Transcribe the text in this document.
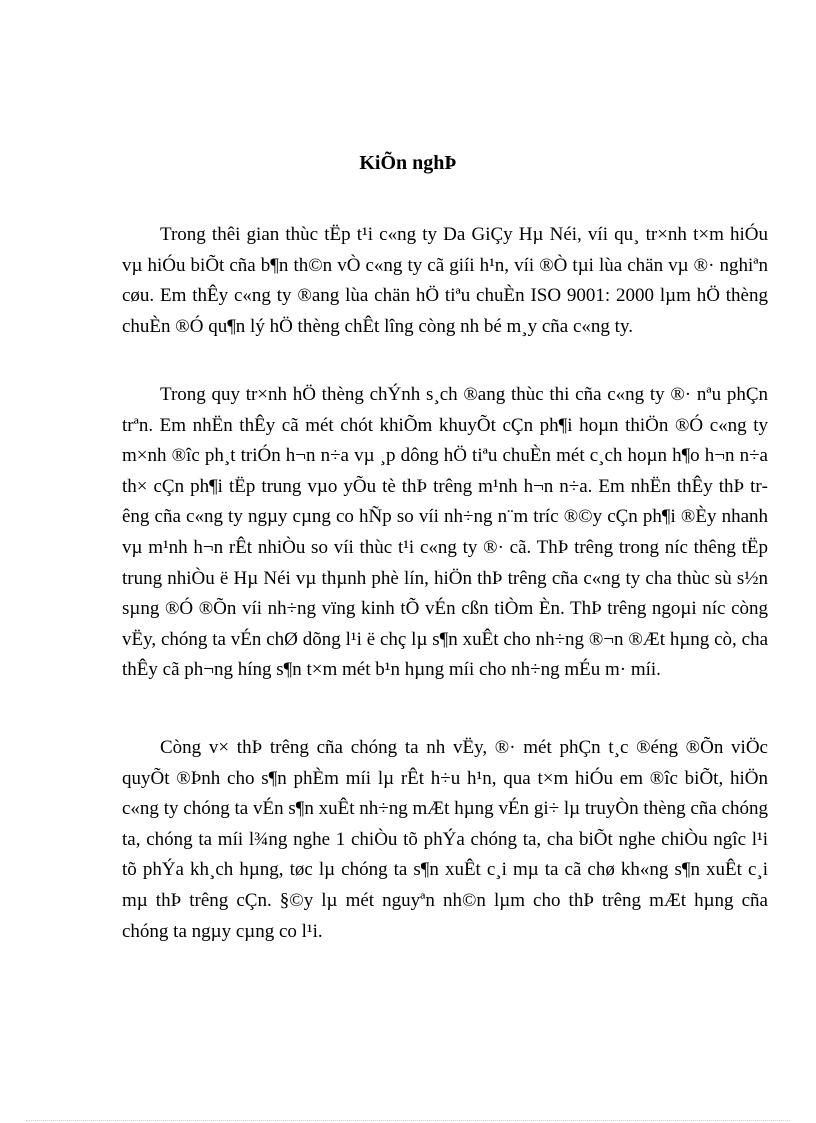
KiÕn nghÞ

Trong thêi gian thùc tËp t¹i c«ng ty Da GiÇy Hµ Néi, víi qu¸ tr×nh t×m hiÓu vµ hiÓu biÕt cña b¶n th©n vÒ c«ng ty cã giíi h¹n, víi ®Ò tµi lùa chän vµ ®· nghiªn cøu. Em thÊy c«ng ty ®ang lùa chän hÖ tiªu chuÈn ISO 9001: 2000 lµm hÖ thèng chuÈn ®Ó qu¶n lý hÖ thèng chÊt lîng còng nh bé m¸y cña c«ng ty.

Trong quy tr×nh hÖ thèng chÝnh s¸ch ®ang thùc thi cña c«ng ty ®· nªu phÇn trªn. Em nhËn thÊy cã mét chót khiÕm khuyÕt cÇn ph¶i hoµn thiÖn ®Ó c«ng ty m×nh ®îc ph¸t triÓn h¬n n÷a vµ ¸p dông hÖ tiªu chuÈn mét c¸ch hoµn h¶o h¬n n÷a th× cÇn ph¶i tËp trung vµo yÕu tè thÞ trêng m¹nh h¬n n÷a. Em nhËn thÊy thÞ trêng cña c«ng ty ngµy cµng co hÑp so víi nh÷ng n¨m tríc ®©y cÇn ph¶i ®Èy nhanh vµ m¹nh h¬n rÊt nhiÒu so víi thùc t¹i c«ng ty ®· cã. ThÞ trêng trong níc thêng tËp trung nhiÒu ë Hµ Néi vµ thµnh phè lín, hiÖn thÞ trêng cña c«ng ty cha thùc sù s½n sµng ®Ó ®Õn víi nh÷ng vïng kinh tÕ vÉn cßn tiÒm Èn. ThÞ trêng ngoµi níc còng vËy, chóng ta vÉn chØ dõng l¹i ë chç lµ s¶n xuÊt cho nh÷ng ®¬n ®Æt hµng cò, cha thÊy cã ph¬ng híng s¶n t×m mét b¹n hµng míi cho nh÷ng mÉu m· míi.

Còng v× thÞ trêng cña chóng ta nh vËy, ®· mét phÇn t¸c ®éng ®Õn viÖc quyÕt ®Þnh cho s¶n phÈm míi lµ rÊt h÷u h¹n, qua t×m hiÓu em ®îc biÕt, hiÖn c«ng ty chóng ta vÉn s¶n xuÊt nh÷ng mÆt hµng vÉn gi÷ lµ truyÒn thèng cña chóng ta, chóng ta míi l¾ng nghe 1 chiÒu tõ phÝa chóng ta, cha biÕt nghe chiÒu ngîc l¹i tõ phÝa kh¸ch hµng, tøc lµ chóng ta s¶n xuÊt c¸i mµ ta cã chø kh«ng s¶n xuÊt c¸i mµ thÞ trêng cÇn. §©y lµ mét nguyªn nh©n lµm cho thÞ trêng mÆt hµng cña chóng ta ngµy cµng co l¹i.
